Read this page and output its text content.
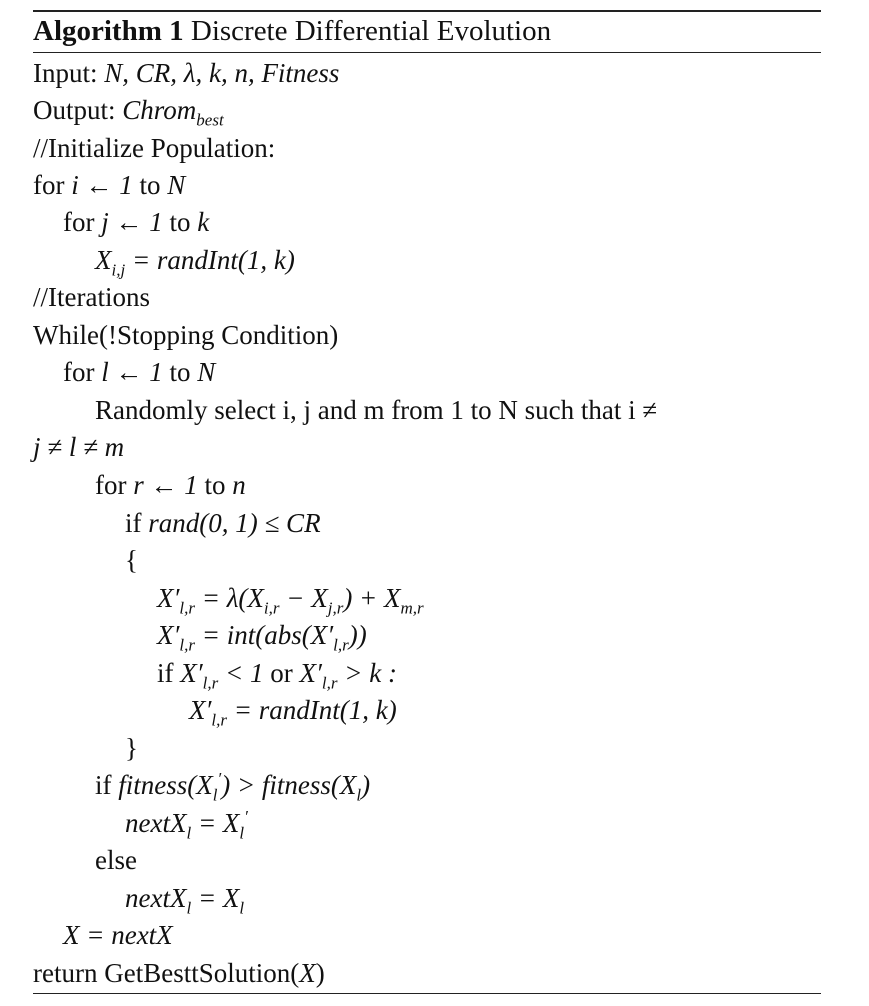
Algorithm 1 Discrete Differential Evolution
Input: N, CR, λ, k, n, Fitness
Output: Chrom$_{best}$
//Initialize Population:
for i ← 1 to N
for j ← 1 to k
$X_{i,j}$ = randInt(1, k)
//Iterations
While(!Stopping Condition)
for l ← 1 to N
Randomly select i, j and m from 1 to N such that i ≠
j ≠ l ≠ m
for r ← 1 to n
if rand(0, 1) ≤ CR
{
$X'_{l,r} = \lambda(X_{i,r} - X_{j,r}) + X_{m,r}$
$X'_{l,r} = int(abs(X'_{l,r}))$
if $X'_{l,r} < 1$ or $X'_{l,r} > k$ :
$X'_{l,r}$ = randInt(1, k)
}
if $fitness(X_l')$ > $fitness(X_l)$
nextX$_l$ = $X_l'$
else
nextX$_l$ = $X_l$
X = nextX
return GetBesttSolution(X)
